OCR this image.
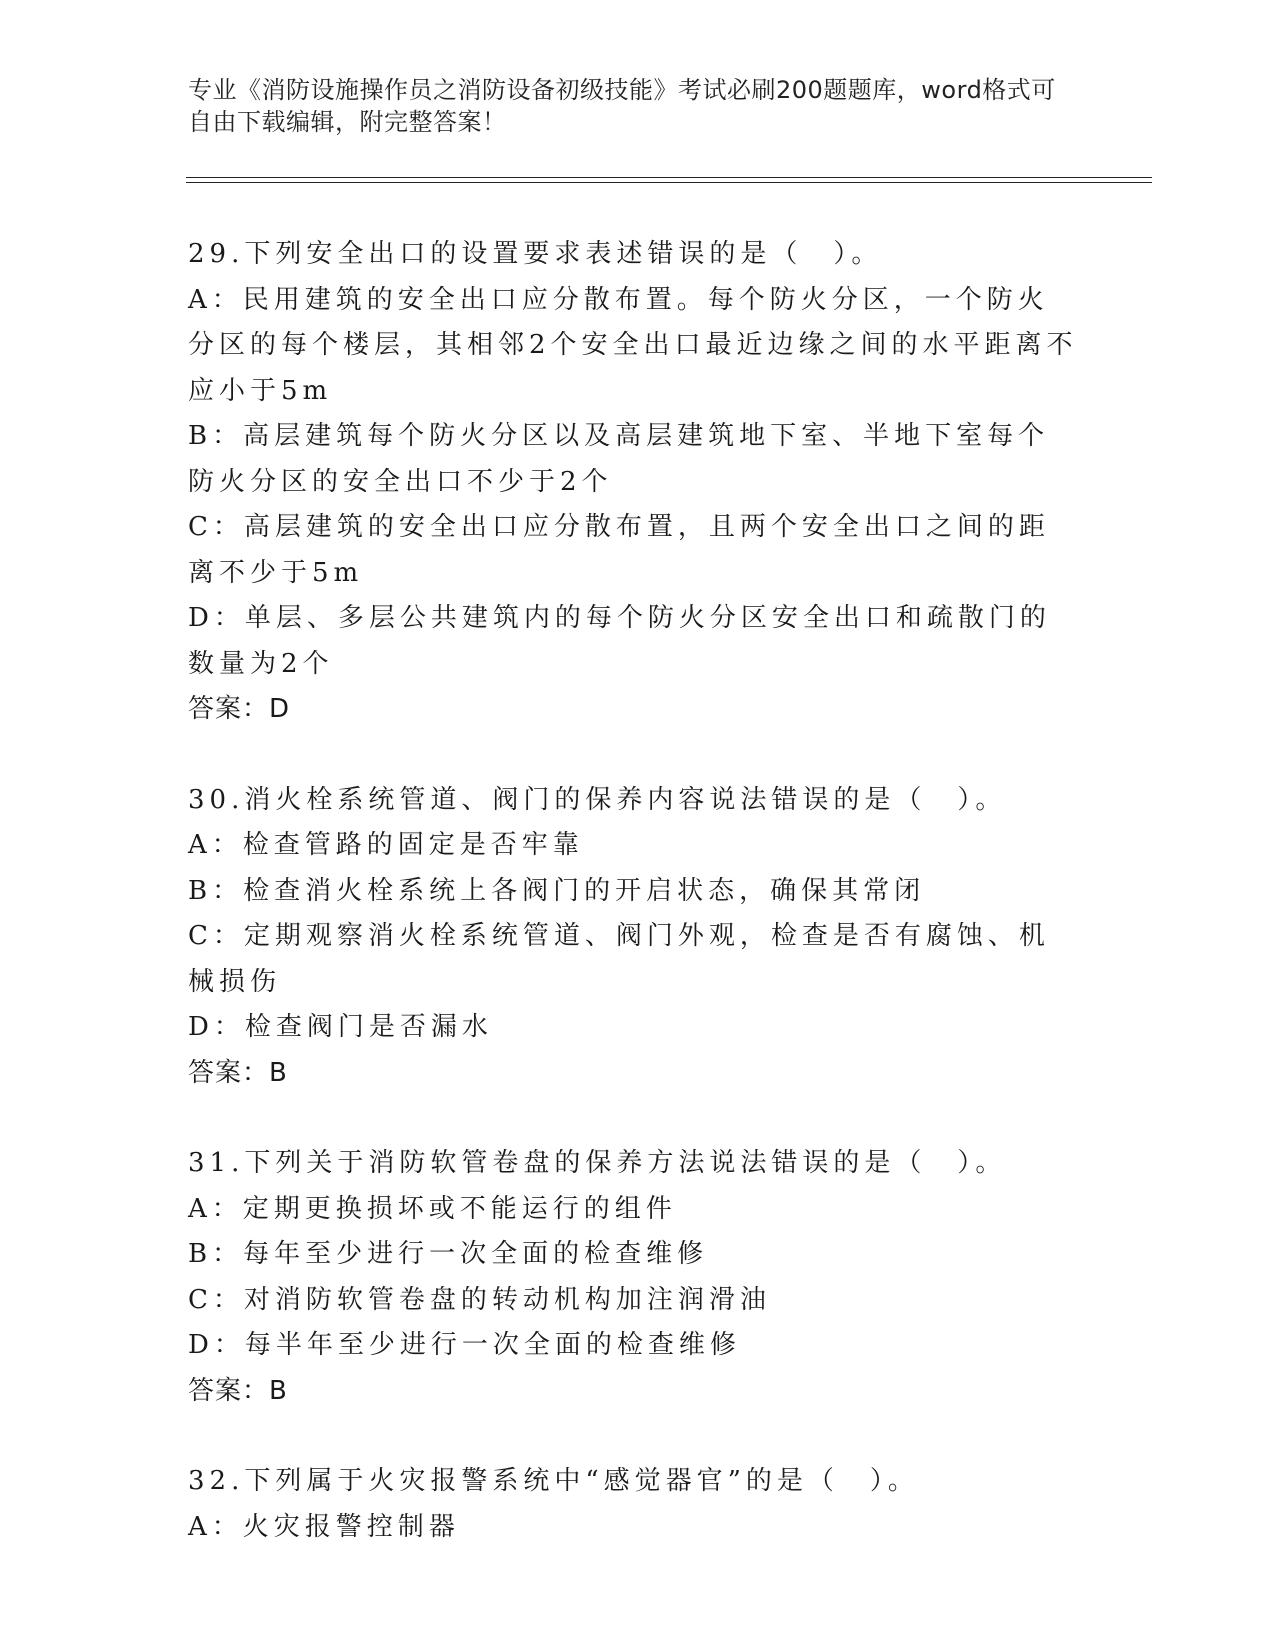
专业《消防设施操作员之消防设备初级技能》考试必刷200题题库，word格式可
自由下载编辑，附完整答案！

29.下列安全出口的设置要求表述错误的是（　）。

A：民用建筑的安全出口应分散布置。每个防火分区，一个防火分区的每个楼层，其相邻2个安全出口最近边缘之间的水平距离不应小于5m

B：高层建筑每个防火分区以及高层建筑地下室、半地下室每个防火分区的安全出口不少于2个

C：高层建筑的安全出口应分散布置，且两个安全出口之间的距离不少于5m

D：单层、多层公共建筑内的每个防火分区安全出口和疏散门的数量为2个

答案：D

30.消火栓系统管道、阀门的保养内容说法错误的是（　）。

A：检查管路的固定是否牢靠

B：检查消火栓系统上各阀门的开启状态，确保其常闭

C：定期观察消火栓系统管道、阀门外观，检查是否有腐蚀、机械损伤

D：检查阀门是否漏水

答案：B

31.下列关于消防软管卷盘的保养方法说法错误的是（　）。

A：定期更换损坏或不能运行的组件

B：每年至少进行一次全面的检查维修

C：对消防软管卷盘的转动机构加注润滑油

D：每半年至少进行一次全面的检查维修

答案：B

32.下列属于火灾报警系统中“感觉器官”的是（　）。

A：火灾报警控制器
